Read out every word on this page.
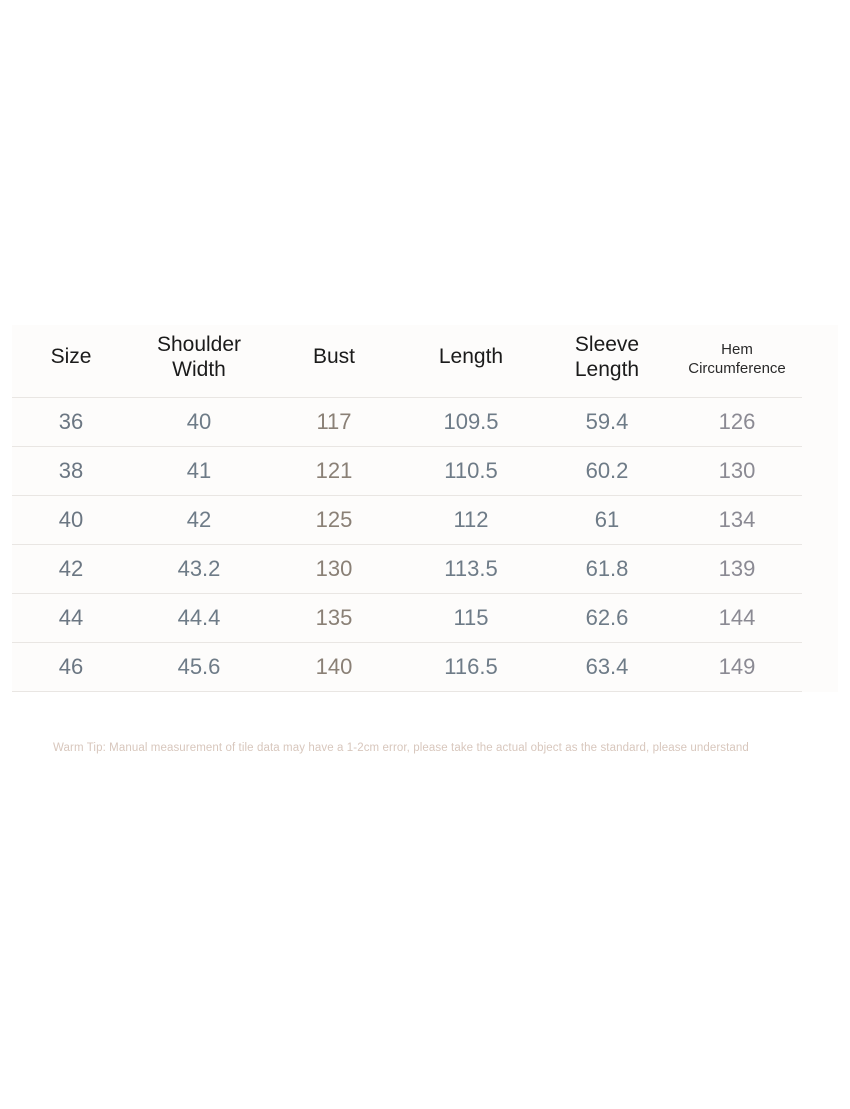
Size	Shoulder Width	Bust	Length	Sleeve Length	Hem Circumference
36	40	117	109.5	59.4	126
38	41	121	110.5	60.2	130
40	42	125	112	61	134
42	43.2	130	113.5	61.8	139
44	44.4	135	115	62.6	144
46	45.6	140	116.5	63.4	149
Warm Tip: Manual measurement of tile data may have a 1-2cm error, please take the actual object as the standard, please understand
